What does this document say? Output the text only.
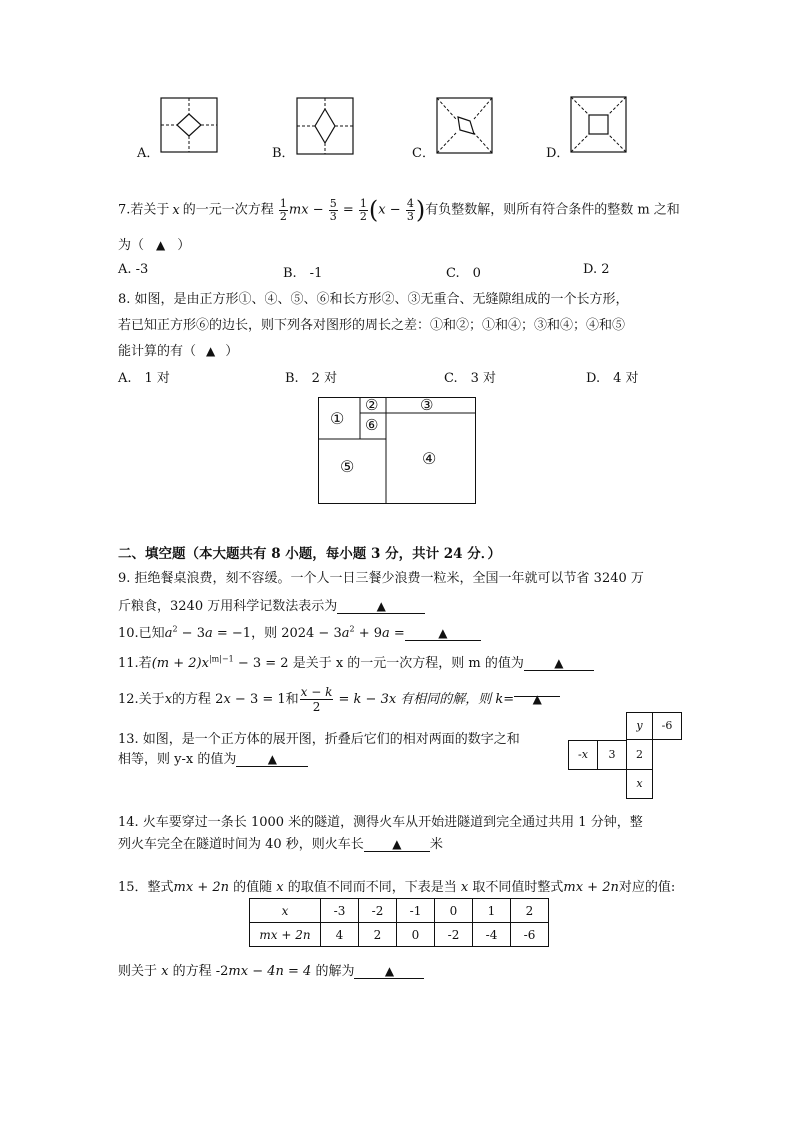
A．	B．	C．	D．
7.若关于 x 的一元一次方程 $\frac{1}{2}$ mx − $\frac{5}{3} = \frac{1}{2} (x - \frac{4}{3}$ )有负整数解，则所有符合条件的整数 m 之和
为（ ▲ ）
A. -3	B.　-1	C.　0	D. 2
8. 如图，是由正方形①、④、⑤、⑥和长方形②、③无重合、无缝隙组成的一个长方形，
若已知正方形⑥的边长，则下列各对图形的周长之差：①和②；①和④；③和④；④和⑤
能计算的有（ ▲ ）
A.　1 对	B.　2 对	C.　3 对	D.　4 对
①
②	③
⑥
⑤	④
二、填空题（本大题共有 8 小题，每小题 3 分，共计 24 分．）
9. 拒绝餐桌浪费，刻不容缓。一个人一日三餐少浪费一粒米，全国一年就可以节省 3240 万
斤粮食，3240 万用科学记数法表示为	▲
10.已知$a^2 - 3a = -1$，则 $2024 - 3a^2 + 9a$ =	▲
11.若$(m + 2)x^{|m|-1} - 3 = 2$ 是关于 x 的一元一次方程，则 m 的值为	▲
12.关于x的方程 2x − 3 = 1和 $\frac{x - k}{2} = k - 3x$ 有相同的解，则 k= ▲
13. 如图，是一个正方体的展开图，折叠后它们的相对两面的数字之和
相等，则 y-x 的值为	▲
y	-6
-x	3	2
x
14. 火车要穿过一条长 1000 米的隧道，测得火车从开始进隧道到完全通过共用 1 分钟，整
列火车完全在隧道时间为 40 秒，则火车长 ▲ 米
15．整式mx + 2n 的值随 x 的取值不同而不同，下表是当 x 取不同值时整式mx + 2n对应的值:
x	-3	-2	-1	0	1	2
mx + 2n	4	2	0	-2	-4	-6
则关于 x 的方程 -2mx − 4n = 4 的解为	▲
